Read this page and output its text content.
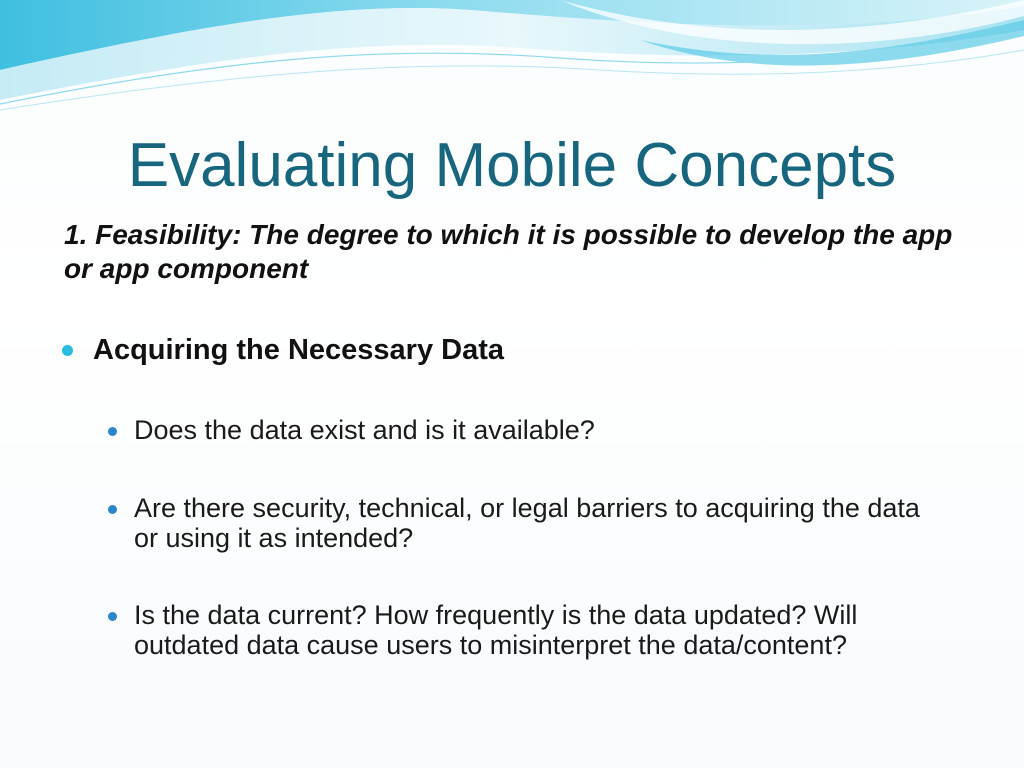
Evaluating Mobile Concepts

1. Feasibility: The degree to which it is possible to develop the app or app component

Acquiring the Necessary Data
Does the data exist and is it available?
Are there security, technical, or legal barriers to acquiring the data or using it as intended?
Is the data current? How frequently is the data updated? Will outdated data cause users to misinterpret the data/content?
